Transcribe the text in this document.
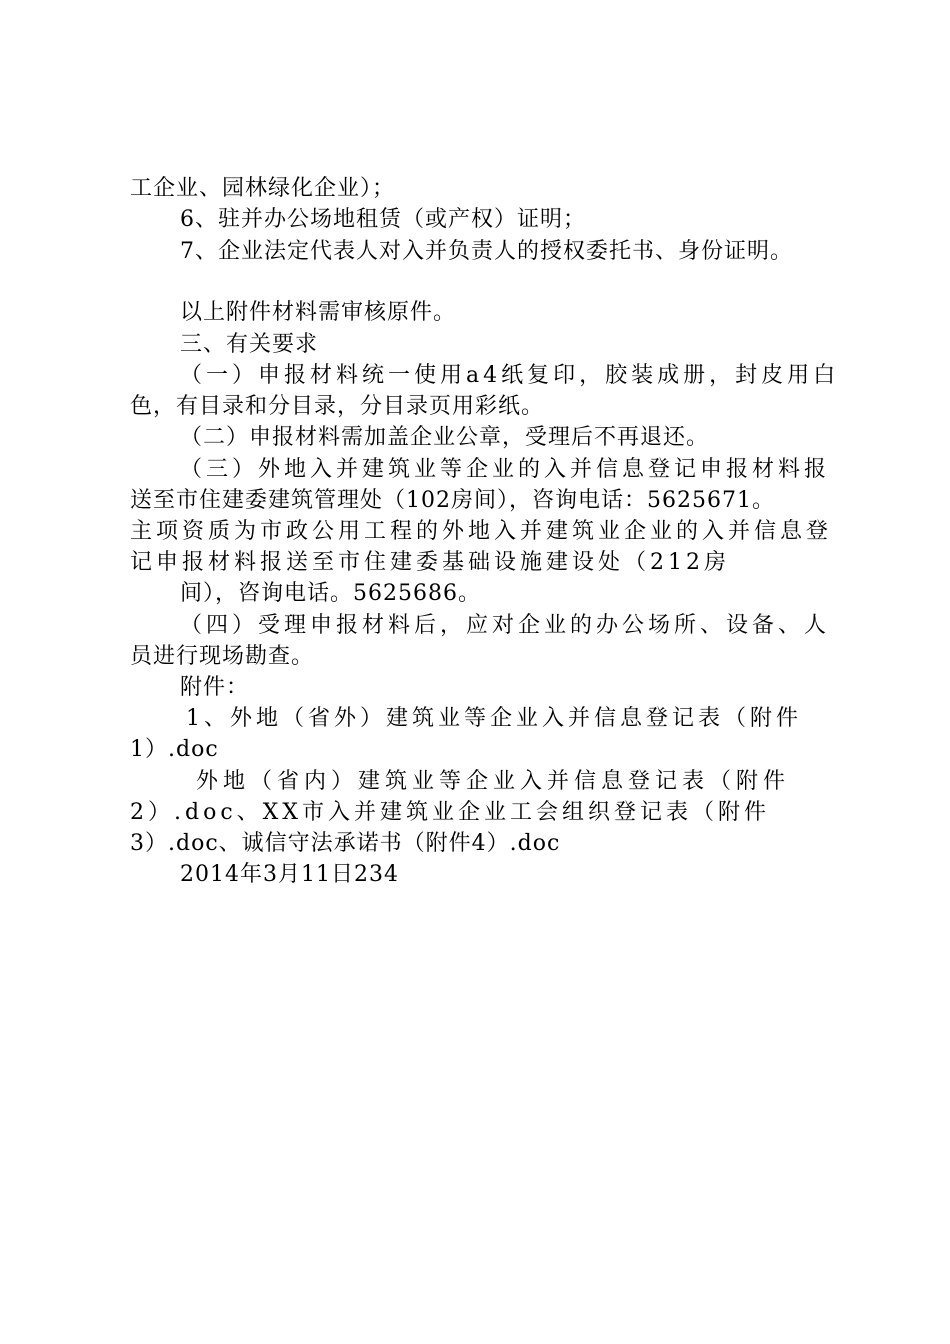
工企业、园林绿化企业）；
6、驻并办公场地租赁（或产权）证明；
7、企业法定代表人对入并负责人的授权委托书、身份证明。
以上附件材料需审核原件。
三、有关要求
（一）申报材料统一使用a4纸复印，胶装成册，封皮用白
色，有目录和分目录，分目录页用彩纸。
（二）申报材料需加盖企业公章，受理后不再退还。
（三）外地入并建筑业等企业的入并信息登记申报材料报
送至市住建委建筑管理处（102房间），咨询电话：5625671。
主项资质为市政公用工程的外地入并建筑业企业的入并信息登
记申报材料报送至市住建委基础设施建设处（212房
间），咨询电话。5625686。
（四）受理申报材料后，应对企业的办公场所、设备、人
员进行现场勘查。
附件：
1、外地（省外）建筑业等企业入并信息登记表（附件
1）.doc
外地（省内）建筑业等企业入并信息登记表（附件
2）.doc、XX市入并建筑业企业工会组织登记表（附件
3）.doc、诚信守法承诺书（附件4）.doc
2014年3月11日234
